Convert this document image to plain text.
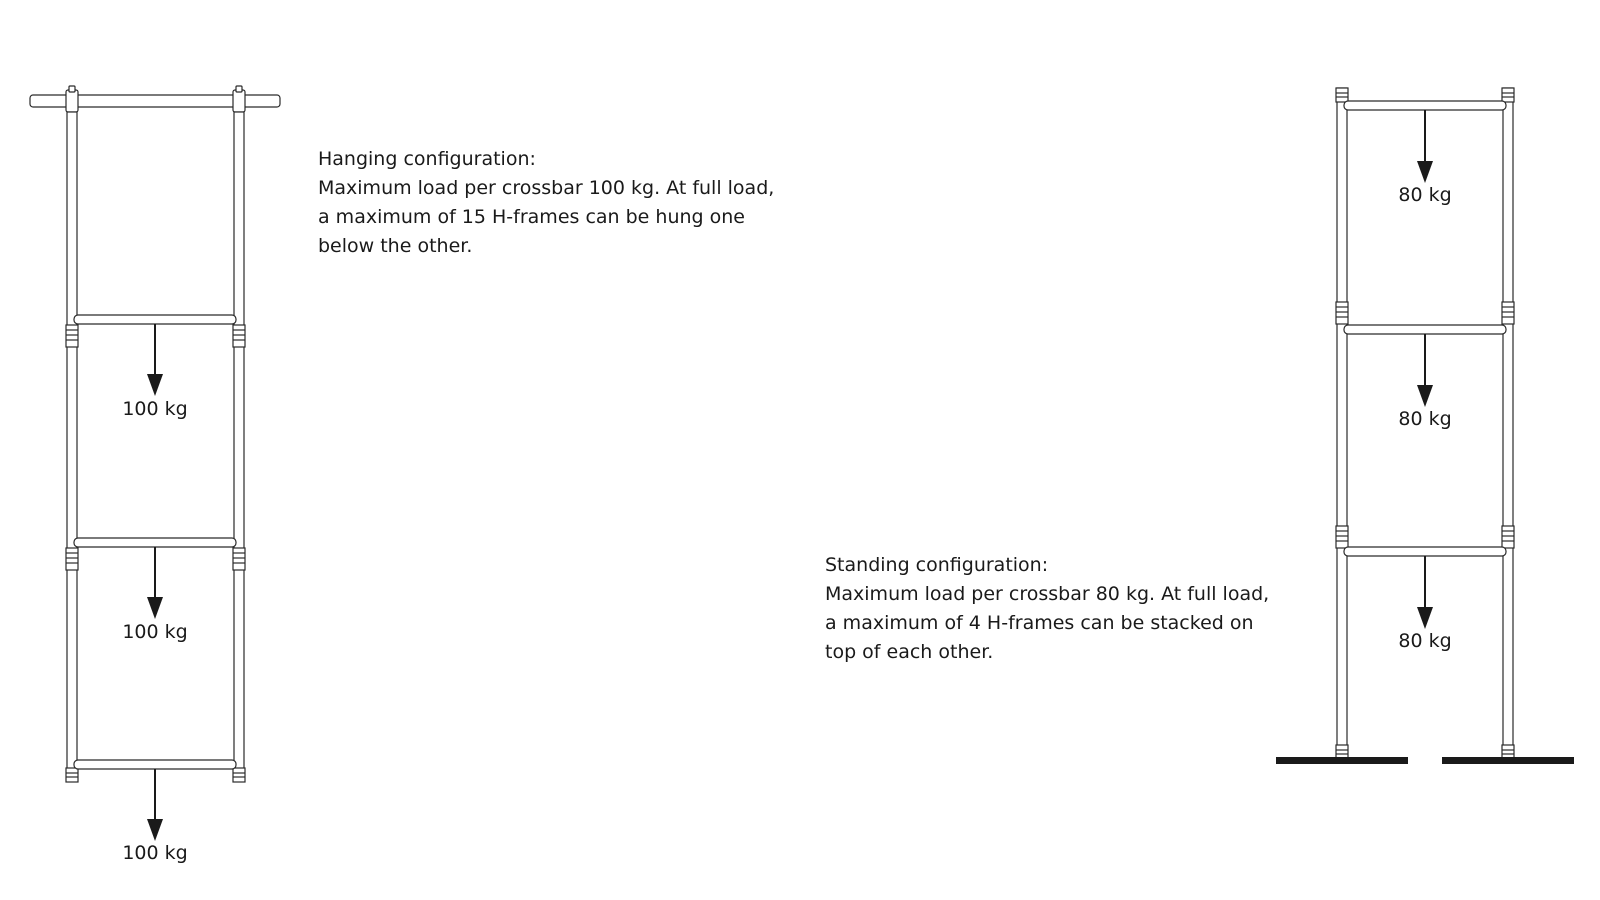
100 kg
100 kg
100 kg
80 kg
80 kg
80 kg
Hanging configuration:
Maximum load per crossbar 100 kg. At full load,
a maximum of 15 H-frames can be hung one
below the other.
Standing configuration:
Maximum load per crossbar 80 kg. At full load,
a maximum of 4 H-frames can be stacked on
top of each other.
